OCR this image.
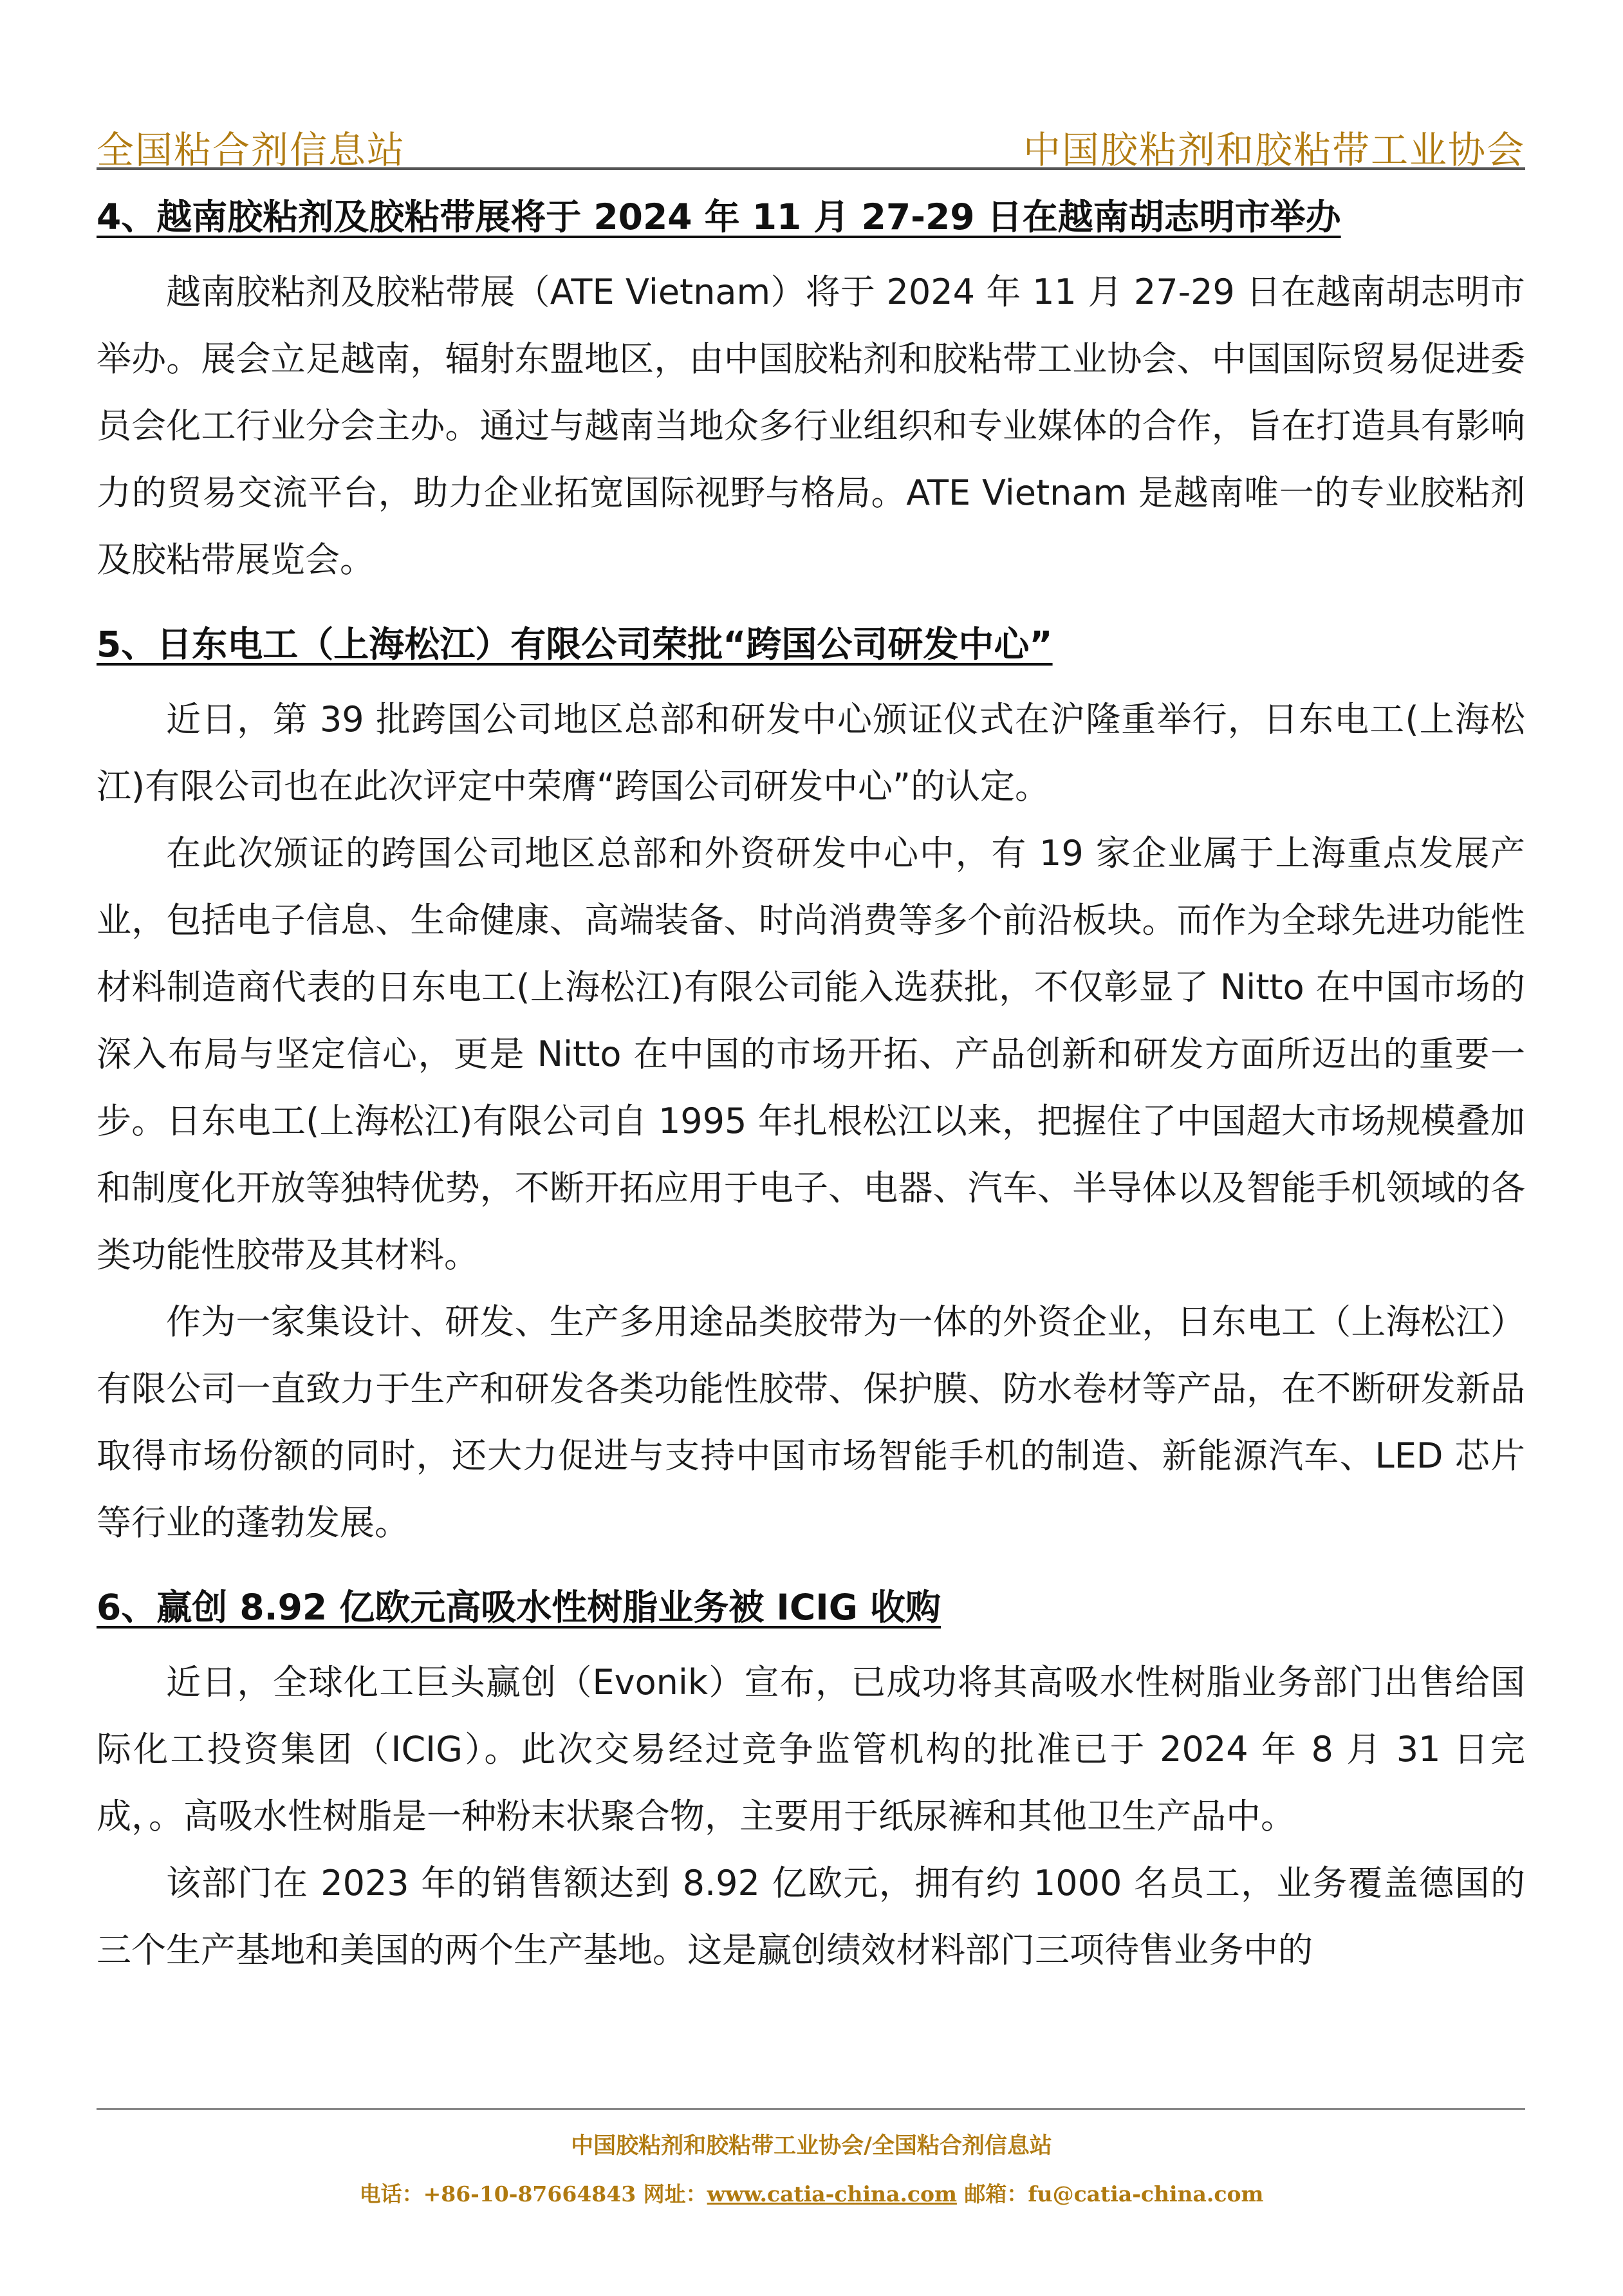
全国粘合剂信息站	中国胶粘剂和胶粘带工业协会
4、越南胶粘剂及胶粘带展将于 2024 年 11 月 27-29 日在越南胡志明市举办

越南胶粘剂及胶粘带展（ATE Vietnam）将于 2024 年 11 月 27-29 日在越南胡志明市举办。展会立足越南，辐射东盟地区，由中国胶粘剂和胶粘带工业协会、中国国际贸易促进委员会化工行业分会主办。通过与越南当地众多行业组织和专业媒体的合作，旨在打造具有影响力的贸易交流平台，助力企业拓宽国际视野与格局。ATE Vietnam 是越南唯一的专业胶粘剂及胶粘带展览会。

5、日东电工（上海松江）有限公司荣批“跨国公司研发中心”

近日，第 39 批跨国公司地区总部和研发中心颁证仪式在沪隆重举行，日东电工(上海松江)有限公司也在此次评定中荣膺“跨国公司研发中心”的认定。

在此次颁证的跨国公司地区总部和外资研发中心中，有 19 家企业属于上海重点发展产业，包括电子信息、生命健康、高端装备、时尚消费等多个前沿板块。而作为全球先进功能性材料制造商代表的日东电工(上海松江)有限公司能入选获批，不仅彰显了 Nitto 在中国市场的深入布局与坚定信心，更是 Nitto 在中国的市场开拓、产品创新和研发方面所迈出的重要一步。日东电工(上海松江)有限公司自 1995 年扎根松江以来，把握住了中国超大市场规模叠加和制度化开放等独特优势，不断开拓应用于电子、电器、汽车、半导体以及智能手机领域的各类功能性胶带及其材料。

作为一家集设计、研发、生产多用途品类胶带为一体的外资企业，日东电工（上海松江）有限公司一直致力于生产和研发各类功能性胶带、保护膜、防水卷材等产品，在不断研发新品取得市场份额的同时，还大力促进与支持中国市场智能手机的制造、新能源汽车、LED 芯片等行业的蓬勃发展。

6、赢创 8.92 亿欧元高吸水性树脂业务被 ICIG 收购

近日，全球化工巨头赢创（Evonik）宣布，已成功将其高吸水性树脂业务部门出售给国际化工投资集团（ICIG）。此次交易经过竞争监管机构的批准已于 2024 年 8 月 31 日完成，。高吸水性树脂是一种粉末状聚合物，主要用于纸尿裤和其他卫生产品中。

该部门在 2023 年的销售额达到 8.92 亿欧元，拥有约 1000 名员工，业务覆盖德国的三个生产基地和美国的两个生产基地。这是赢创绩效材料部门三项待售业务中的

中国胶粘剂和胶粘带工业协会/全国粘合剂信息站
电话：+86-10-87664843 网址：www.catia-china.com 邮箱：fu@catia-china.com
